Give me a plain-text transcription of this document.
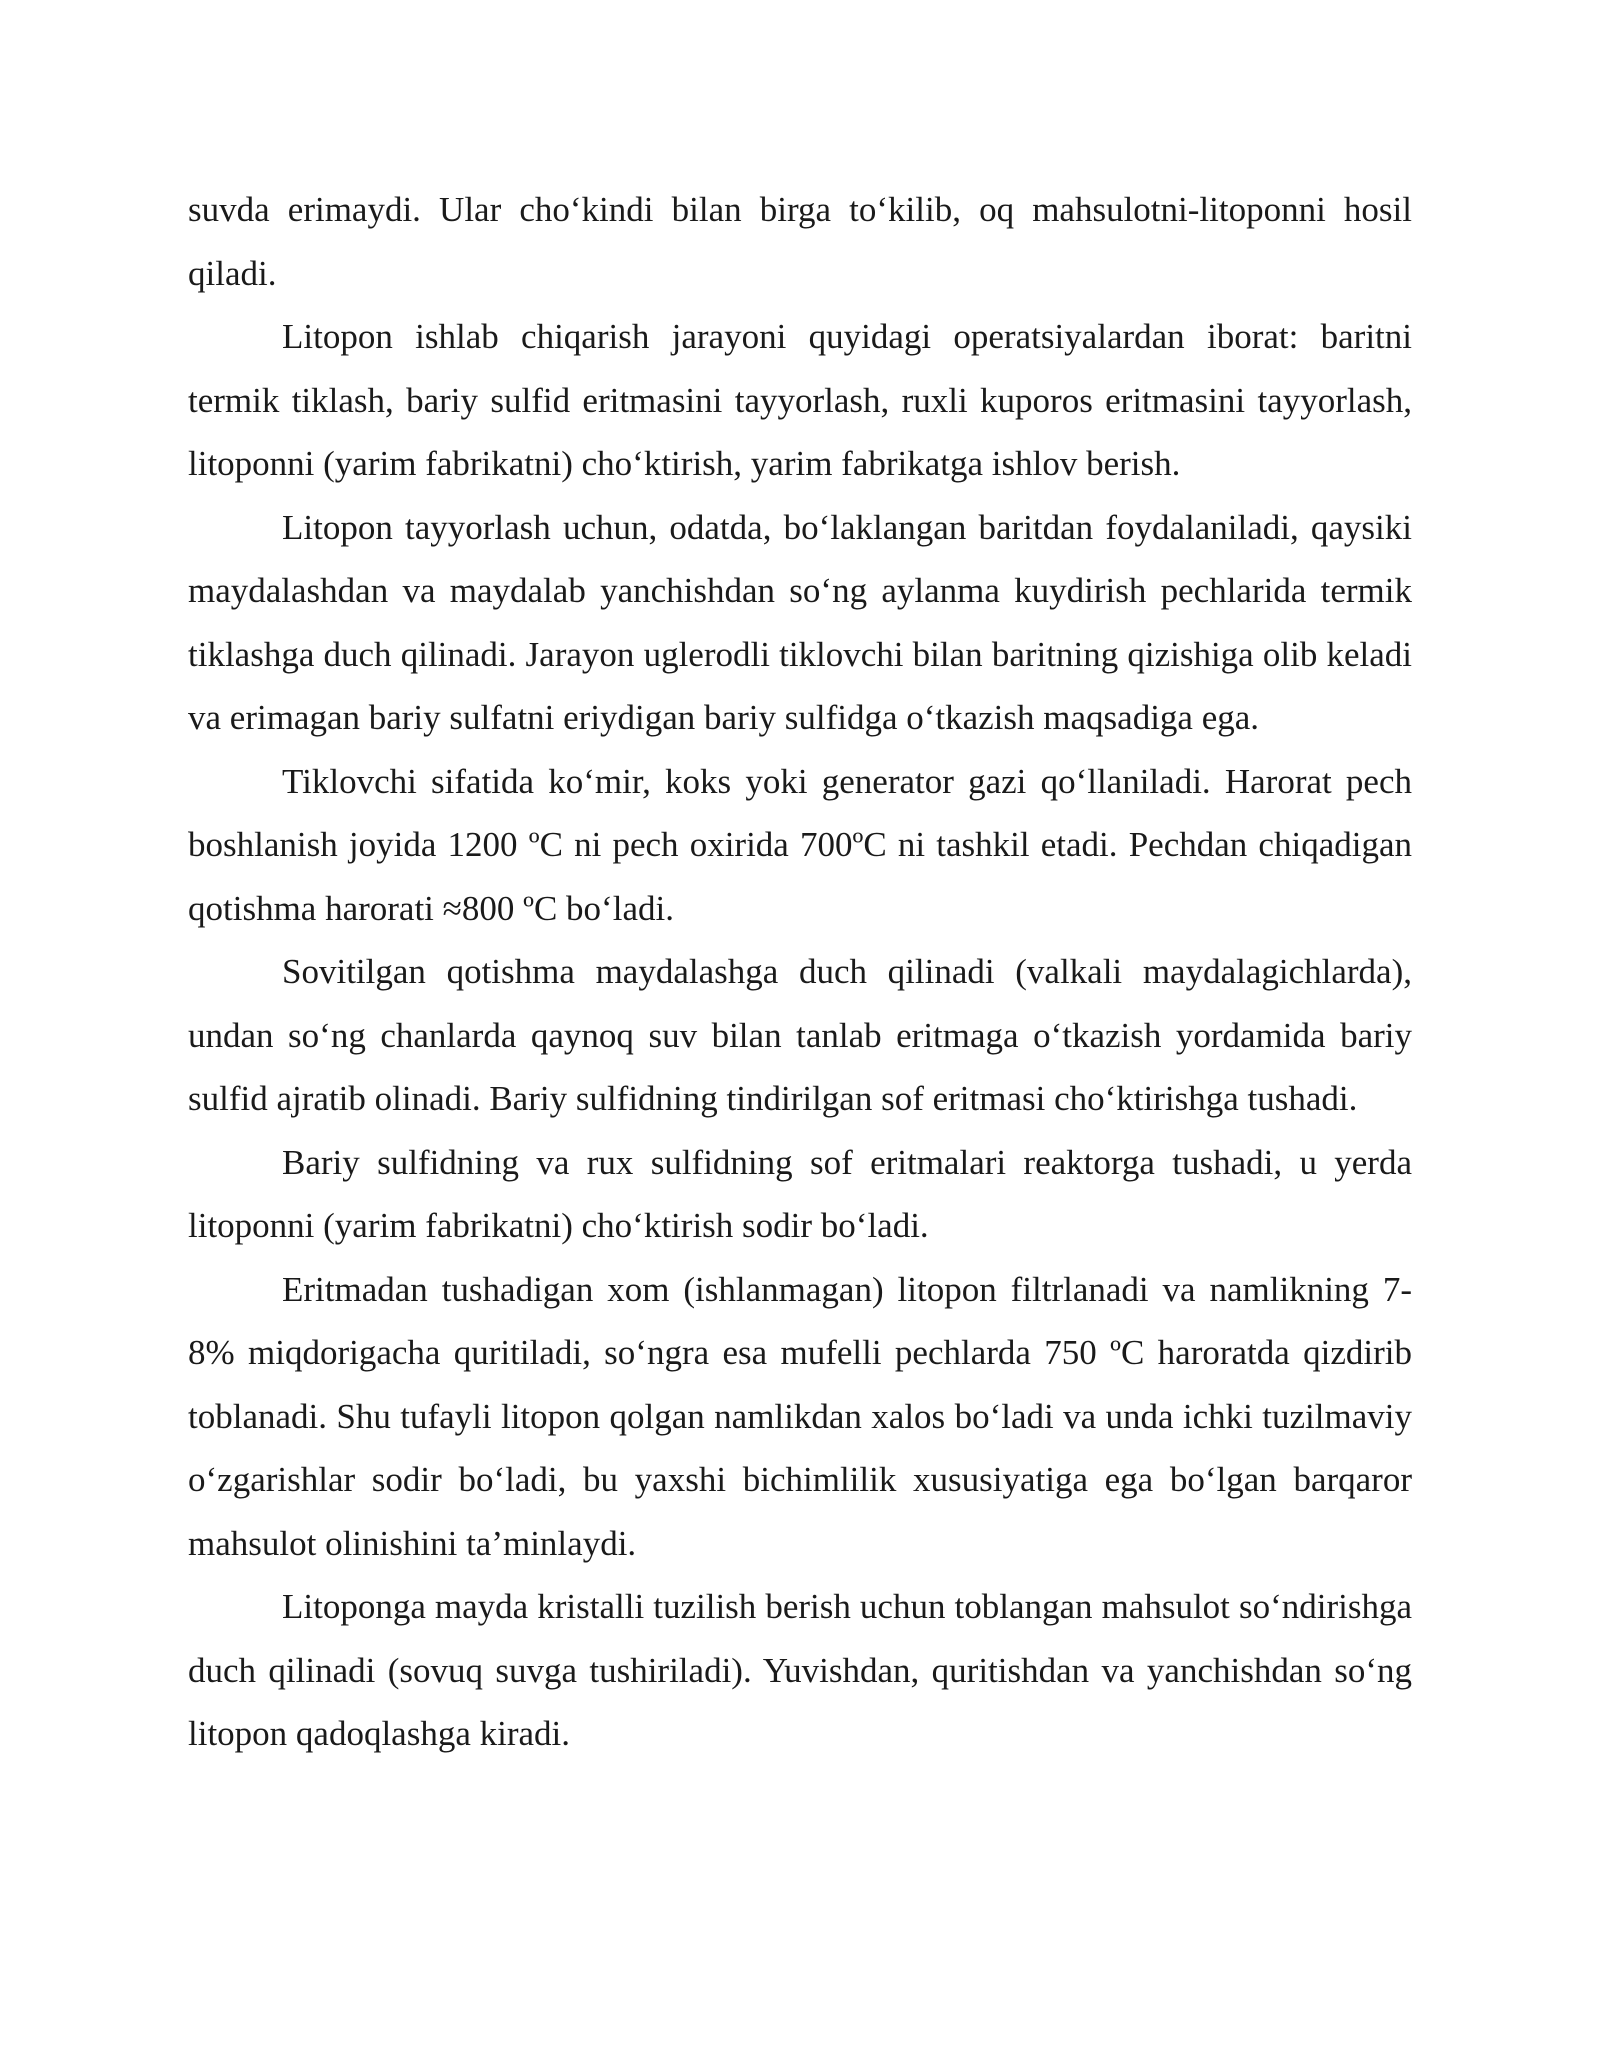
suvda erimaydi. Ular cho‘kindi bilan birga to‘kilib, oq mahsulotni-litoponni hosil qiladi.

Litopon ishlab chiqarish jarayoni quyidagi operatsiyalardan iborat: baritni termik tiklash, bariy sulfid eritmasini tayyorlash, ruxli kuporos eritmasini tayyorlash, litoponni (yarim fabrikatni) cho‘ktirish, yarim fabrikatga ishlov berish.

Litopon tayyorlash uchun, odatda, bo‘laklangan baritdan foydalaniladi, qaysiki maydalashdan va maydalab yanchishdan so‘ng aylanma kuydirish pechlarida termik tiklashga duch qilinadi. Jarayon uglerodli tiklovchi bilan baritning qizishiga olib keladi va erimagan bariy sulfatni eriydigan bariy sulfidga o‘tkazish maqsadiga ega.

Tiklovchi sifatida ko‘mir, koks yoki generator gazi qo‘llaniladi. Harorat pech boshlanish joyida 1200 ºC ni pech oxirida 700ºC ni tashkil etadi. Pechdan chiqadigan qotishma harorati ≈800 ºC bo‘ladi.

Sovitilgan qotishma maydalashga duch qilinadi (valkali maydalagichlarda), undan so‘ng chanlarda qaynoq suv bilan tanlab eritmaga o‘tkazish yordamida bariy sulfid ajratib olinadi. Bariy sulfidning tindirilgan sof eritmasi cho‘ktirishga tushadi.

Bariy sulfidning va rux sulfidning sof eritmalari reaktorga tushadi, u yerda litoponni (yarim fabrikatni) cho‘ktirish sodir bo‘ladi.

Eritmadan tushadigan xom (ishlanmagan) litopon filtrlanadi va namlikning 7-8% miqdorigacha quritiladi, so‘ngra esa mufelli pechlarda 750 ºC haroratda qizdirib toblanadi. Shu tufayli litopon qolgan namlikdan xalos bo‘ladi va unda ichki tuzilmaviy o‘zgarishlar sodir bo‘ladi, bu yaxshi bichimlilik xususiyatiga ega bo‘lgan barqaror mahsulot olinishini ta’minlaydi.

Litoponga mayda kristalli tuzilish berish uchun toblangan mahsulot so‘ndirishga duch qilinadi (sovuq suvga tushiriladi). Yuvishdan, quritishdan va yanchishdan so‘ng litopon qadoqlashga kiradi.
